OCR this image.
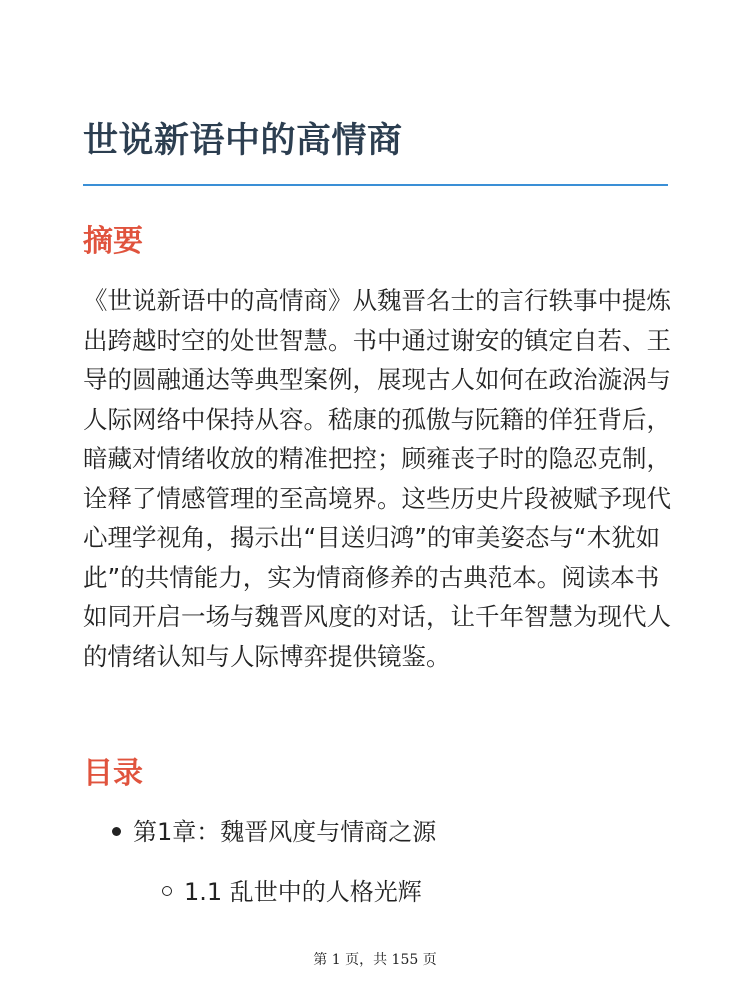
世说新语中的高情商
摘要

《世说新语中的高情商》从魏晋名士的言行轶事中提炼出跨越时空的处世智慧。书中通过谢安的镇定自若、王导的圆融通达等典型案例，展现古人如何在政治漩涡与人际网络中保持从容。嵇康的孤傲与阮籍的佯狂背后，暗藏对情绪收放的精准把控；顾雍丧子时的隐忍克制，诠释了情感管理的至高境界。这些历史片段被赋予现代心理学视角，揭示出“目送归鸿”的审美姿态与“木犹如此”的共情能力，实为情商修养的古典范本。阅读本书如同开启一场与魏晋风度的对话，让千年智慧为现代人的情绪认知与人际博弈提供镜鉴。

目录
第1章：魏晋风度与情商之源
1.1 乱世中的人格光辉
第 1 页，共 155 页
